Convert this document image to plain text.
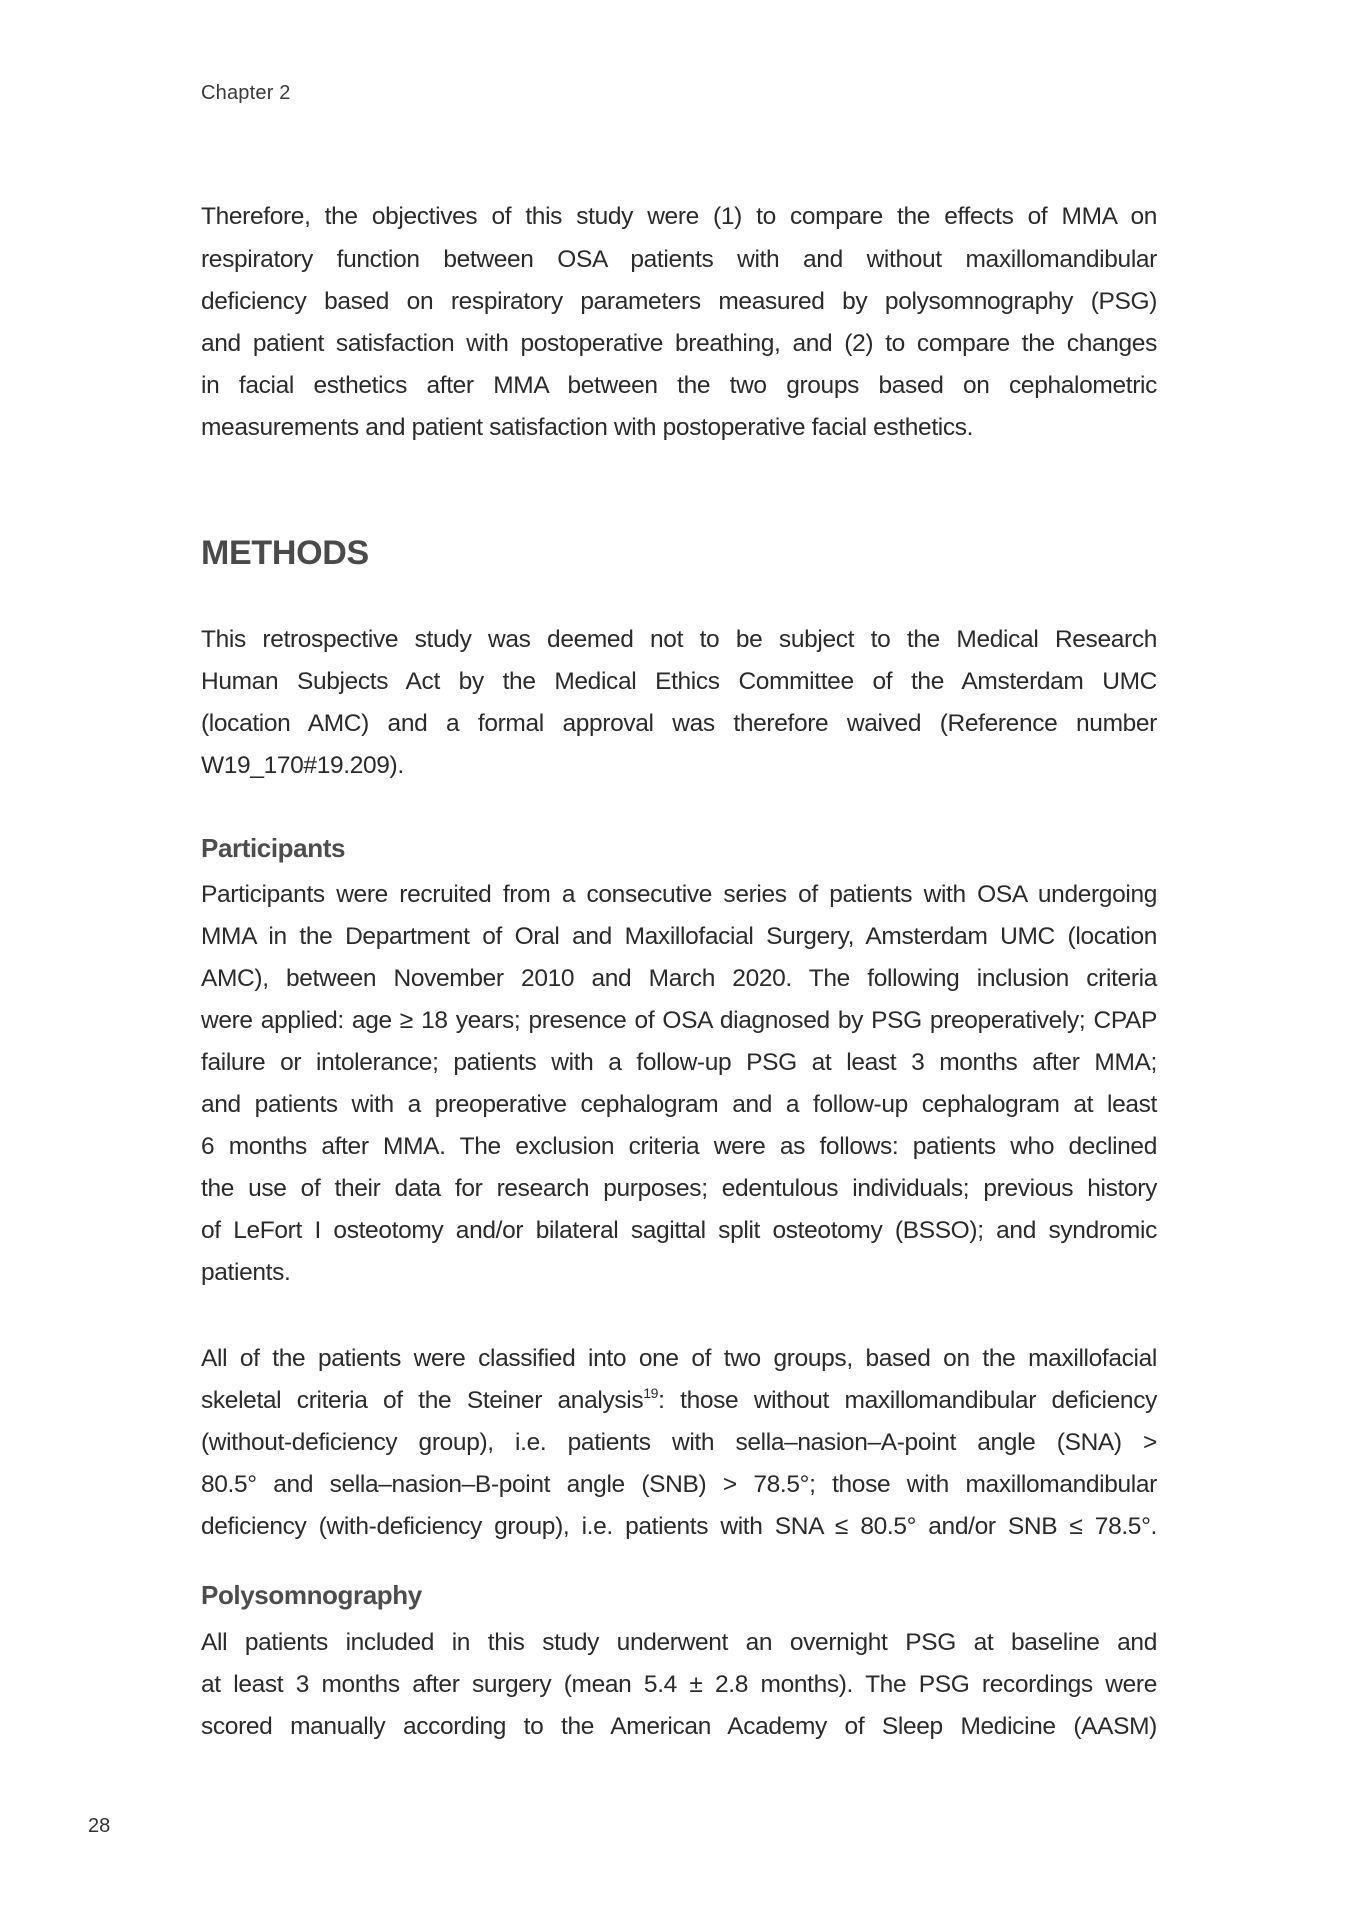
Chapter 2
Therefore, the objectives of this study were (1) to compare the effects of MMA on
respiratory function between OSA patients with and without maxillomandibular
deficiency based on respiratory parameters measured by polysomnography (PSG)
and patient satisfaction with postoperative breathing, and (2) to compare the changes
in facial esthetics after MMA between the two groups based on cephalometric
measurements and patient satisfaction with postoperative facial esthetics.
METHODS
This retrospective study was deemed not to be subject to the Medical Research
Human Subjects Act by the Medical Ethics Committee of the Amsterdam UMC
(location AMC) and a formal approval was therefore waived (Reference number
W19_170#19.209).
Participants
Participants were recruited from a consecutive series of patients with OSA undergoing
MMA in the Department of Oral and Maxillofacial Surgery, Amsterdam UMC (location
AMC), between November 2010 and March 2020. The following inclusion criteria
were applied: age ≥ 18 years; presence of OSA diagnosed by PSG preoperatively; CPAP
failure or intolerance; patients with a follow-up PSG at least 3 months after MMA;
and patients with a preoperative cephalogram and a follow-up cephalogram at least
6 months after MMA. The exclusion criteria were as follows: patients who declined
the use of their data for research purposes; edentulous individuals; previous history
of LeFort I osteotomy and/or bilateral sagittal split osteotomy (BSSO); and syndromic
patients.
All of the patients were classified into one of two groups, based on the maxillofacial
skeletal criteria of the Steiner analysis$^{19}$: those without maxillomandibular deficiency
(without-deficiency group), i.e. patients with sella–nasion–A-point angle (SNA) >
80.5° and sella–nasion–B-point angle (SNB) > 78.5°; those with maxillomandibular
deficiency (with-deficiency group), i.e. patients with SNA ≤ 80.5° and/or SNB ≤ 78.5°.
Polysomnography
All patients included in this study underwent an overnight PSG at baseline and
at least 3 months after surgery (mean 5.4 ± 2.8 months). The PSG recordings were
scored manually according to the American Academy of Sleep Medicine (AASM)
28
